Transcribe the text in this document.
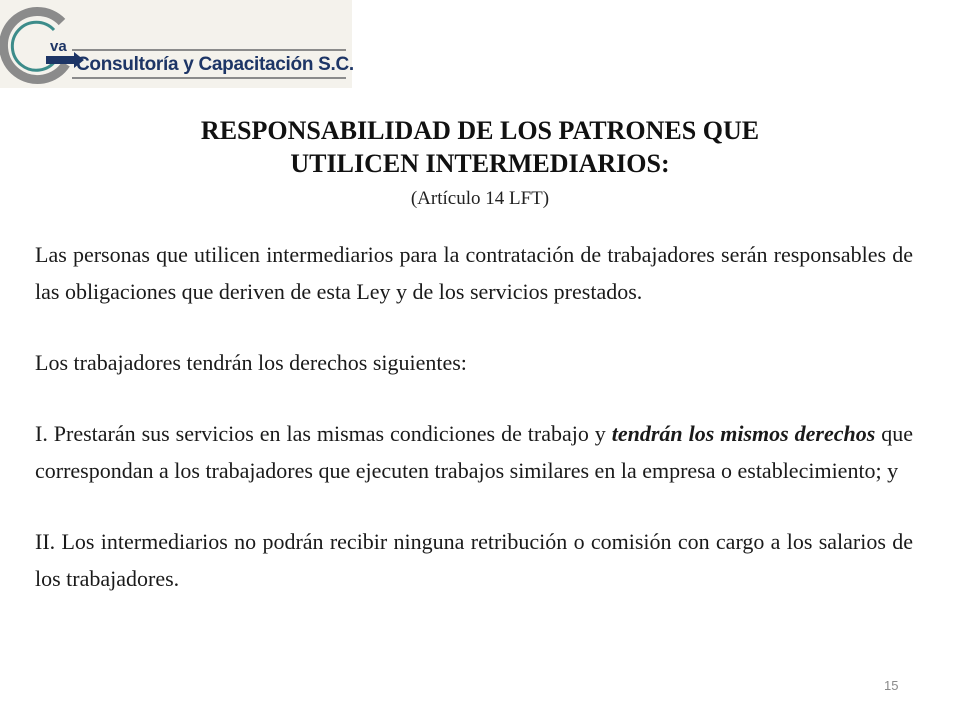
va
Consultoría y Capacitación S.C.

RESPONSABILIDAD DE LOS PATRONES QUE

UTILICEN INTERMEDIARIOS:

(Artículo 14 LFT)

Las personas que utilicen intermediarios para la contratación de trabajadores serán responsables de las obligaciones que deriven de esta Ley y de los servicios prestados.

Los trabajadores tendrán los derechos siguientes:

I. Prestarán sus servicios en las mismas condiciones de trabajo y tendrán los mismos derechos que correspondan a los trabajadores que ejecuten trabajos similares en la empresa o establecimiento; y

II. Los intermediarios no podrán recibir ninguna retribución o comisión con cargo a los salarios de los trabajadores.

15
